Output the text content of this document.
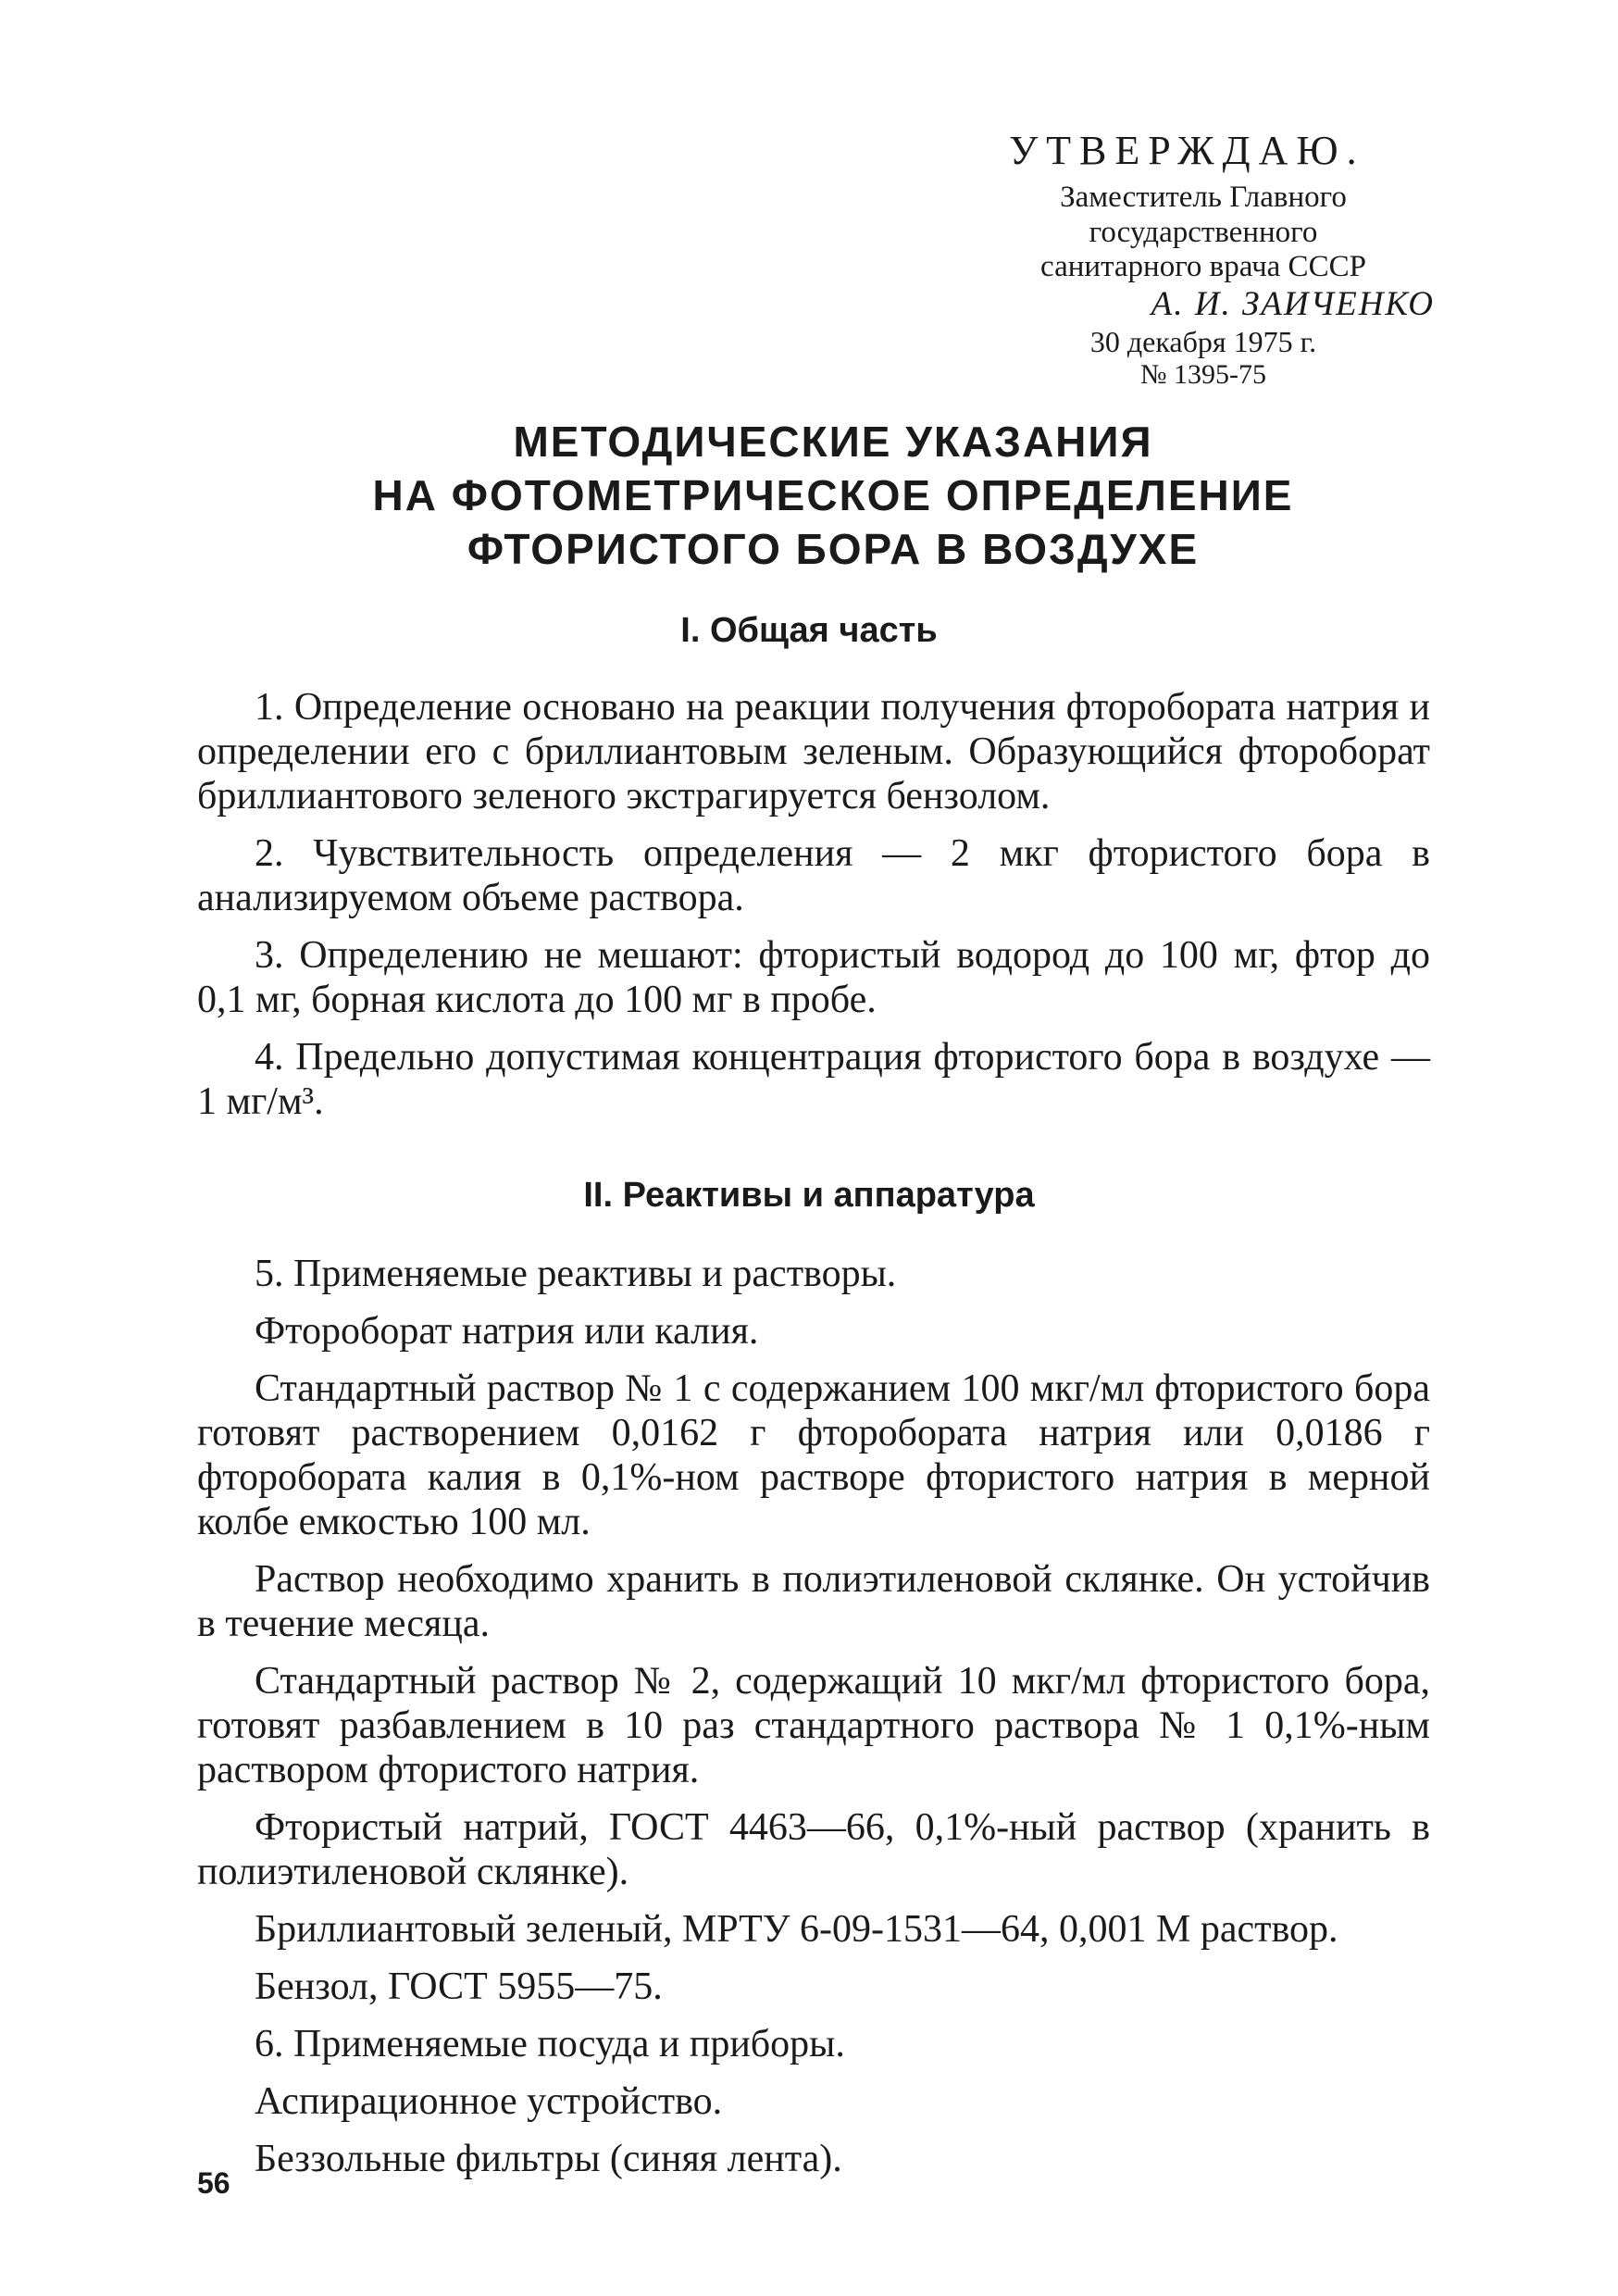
УТВЕРЖДАЮ.
Заместитель Главного
государственного
санитарного врача СССР
А. И. ЗАИЧЕНКО
30 декабря 1975 г.
№ 1395-75
МЕТОДИЧЕСКИЕ УКАЗАНИЯ
НА ФОТОМЕТРИЧЕСКОЕ ОПРЕДЕЛЕНИЕ
ФТОРИСТОГО БОРА В ВОЗДУХЕ
I. Общая часть

1. Определение основано на реакции получения фторобората натрия и определении его с бриллиантовым зеленым. Образующийся фтороборат бриллиантового зеленого экстрагируется бензолом.

2. Чувствительность определения — 2 мкг фтористого бора в анализируемом объеме раствора.

3. Определению не мешают: фтористый водород до 100 мг, фтор до 0,1 мг, борная кислота до 100 мг в пробе.

4. Предельно допустимая концентрация фтористого бора в воздухе — 1 мг/м³.

II. Реактивы и аппаратура

5. Применяемые реактивы и растворы.

Фтороборат натрия или калия.

Стандартный раствор № 1 с содержанием 100 мкг/мл фтористого бора готовят растворением 0,0162 г фторобората натрия или 0,0186 г фторобората калия в 0,1%-ном растворе фтористого натрия в мерной колбе емкостью 100 мл.

Раствор необходимо хранить в полиэтиленовой склянке. Он устойчив в течение месяца.

Стандартный раствор № 2, содержащий 10 мкг/мл фтористого бора, готовят разбавлением в 10 раз стандартного раствора № 1 0,1%-ным раствором фтористого натрия.

Фтористый натрий, ГОСТ 4463—66, 0,1%-ный раствор (хранить в полиэтиленовой склянке).

Бриллиантовый зеленый, МРТУ 6-09-1531—64, 0,001 М раствор.

Бензол, ГОСТ 5955—75.

6. Применяемые посуда и приборы.

Аспирационное устройство.

Беззольные фильтры (синяя лента).

56
